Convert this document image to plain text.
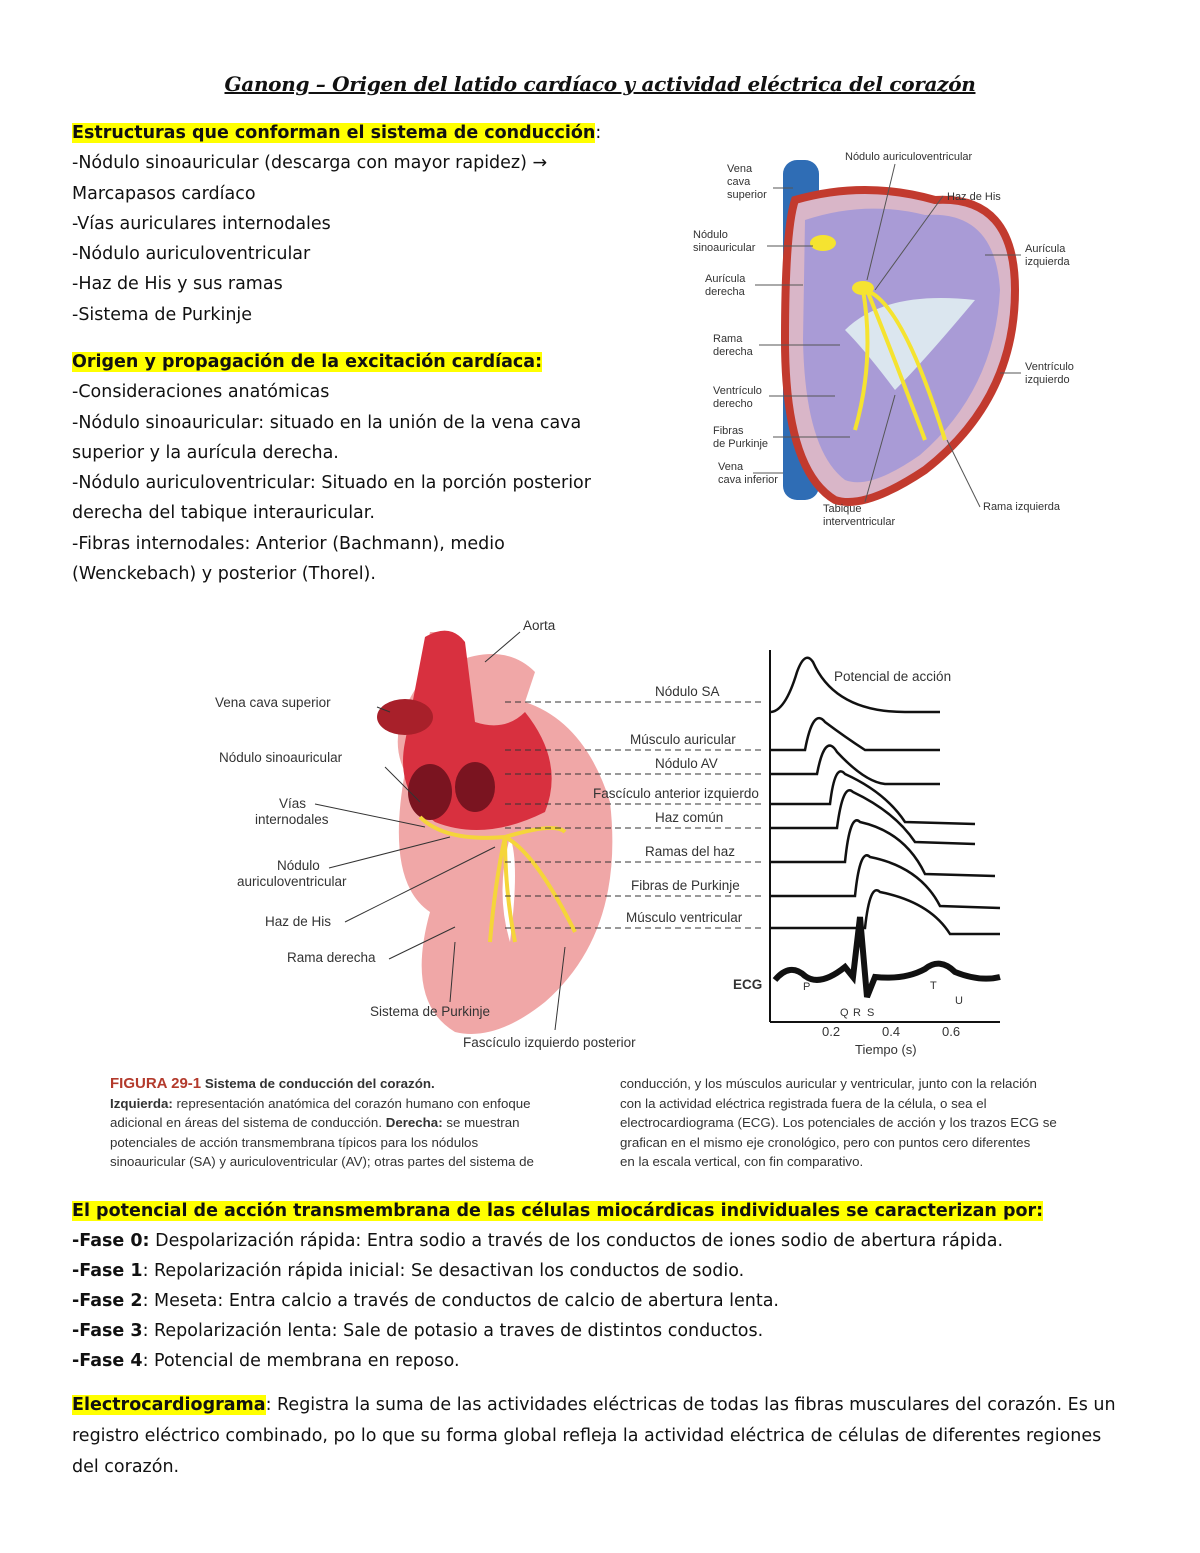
Ganong – Origen del latido cardíaco y actividad eléctrica del corazón
Estructuras que conforman el sistema de conducción:
-Nódulo sinoauricular (descarga con mayor rapidez) →
Marcapasos cardíaco
-Vías auriculares internodales
-Nódulo auriculoventricular
-Haz de His y sus ramas
-Sistema de Purkinje
Origen y propagación de la excitación cardíaca:
-Consideraciones anatómicas
-Nódulo sinoauricular: situado en la unión de la vena cava
superior y la aurícula derecha.
-Nódulo auriculoventricular: Situado en la porción posterior
derecha del tabique interauricular.
-Fibras internodales: Anterior (Bachmann), medio
(Wenckebach) y posterior (Thorel).
Vena cava superior
Nódulo sinoauricular
Aurícula derecha
Rama derecha
Ventrículo derecho
Fibras de Purkinje
Vena cava inferior
Nódulo auriculoventricular
Haz de His
Aurícula izquierda
Ventrículo izquierdo
Tabique interventricular
Rama izquierda
Aorta
Vena cava superior
Nódulo sinoauricular
Vías internodales
Nódulo auriculoventricular
Haz de His
Rama derecha
Sistema de Purkinje
Fascículo izquierdo posterior
Nódulo SA
Músculo auricular
Nódulo AV
Fascículo anterior izquierdo
Haz común
Ramas del haz
Fibras de Purkinje
Músculo ventricular
Potencial de acción
ECG	P
Q R S
T
U
0.2	0.4	0.6
Tiempo (s)
FIGURA 29-1 Sistema de conducción del corazón.
Izquierda: representación anatómica del corazón humano con enfoque
adicional en áreas del sistema de conducción. Derecha: se muestran
potenciales de acción transmembrana típicos para los nódulos
sinoauricular (SA) y auriculoventricular (AV); otras partes del sistema de
conducción, y los músculos auricular y ventricular, junto con la relación
con la actividad eléctrica registrada fuera de la célula, o sea el
electrocardiograma (ECG). Los potenciales de acción y los trazos ECG se
grafican en el mismo eje cronológico, pero con puntos cero diferentes
en la escala vertical, con fin comparativo.
El potencial de acción transmembrana de las células miocárdicas individuales se caracterizan por:
-Fase 0: Despolarización rápida: Entra sodio a través de los conductos de iones sodio de abertura rápida.
-Fase 1: Repolarización rápida inicial: Se desactivan los conductos de sodio.
-Fase 2: Meseta: Entra calcio a través de conductos de calcio de abertura lenta.
-Fase 3: Repolarización lenta: Sale de potasio a traves de distintos conductos.
-Fase 4: Potencial de membrana en reposo.
Electrocardiograma: Registra la suma de las actividades eléctricas de todas las fibras musculares del corazón. Es un registro eléctrico combinado, po lo que su forma global refleja la actividad eléctrica de células de diferentes regiones del corazón.
